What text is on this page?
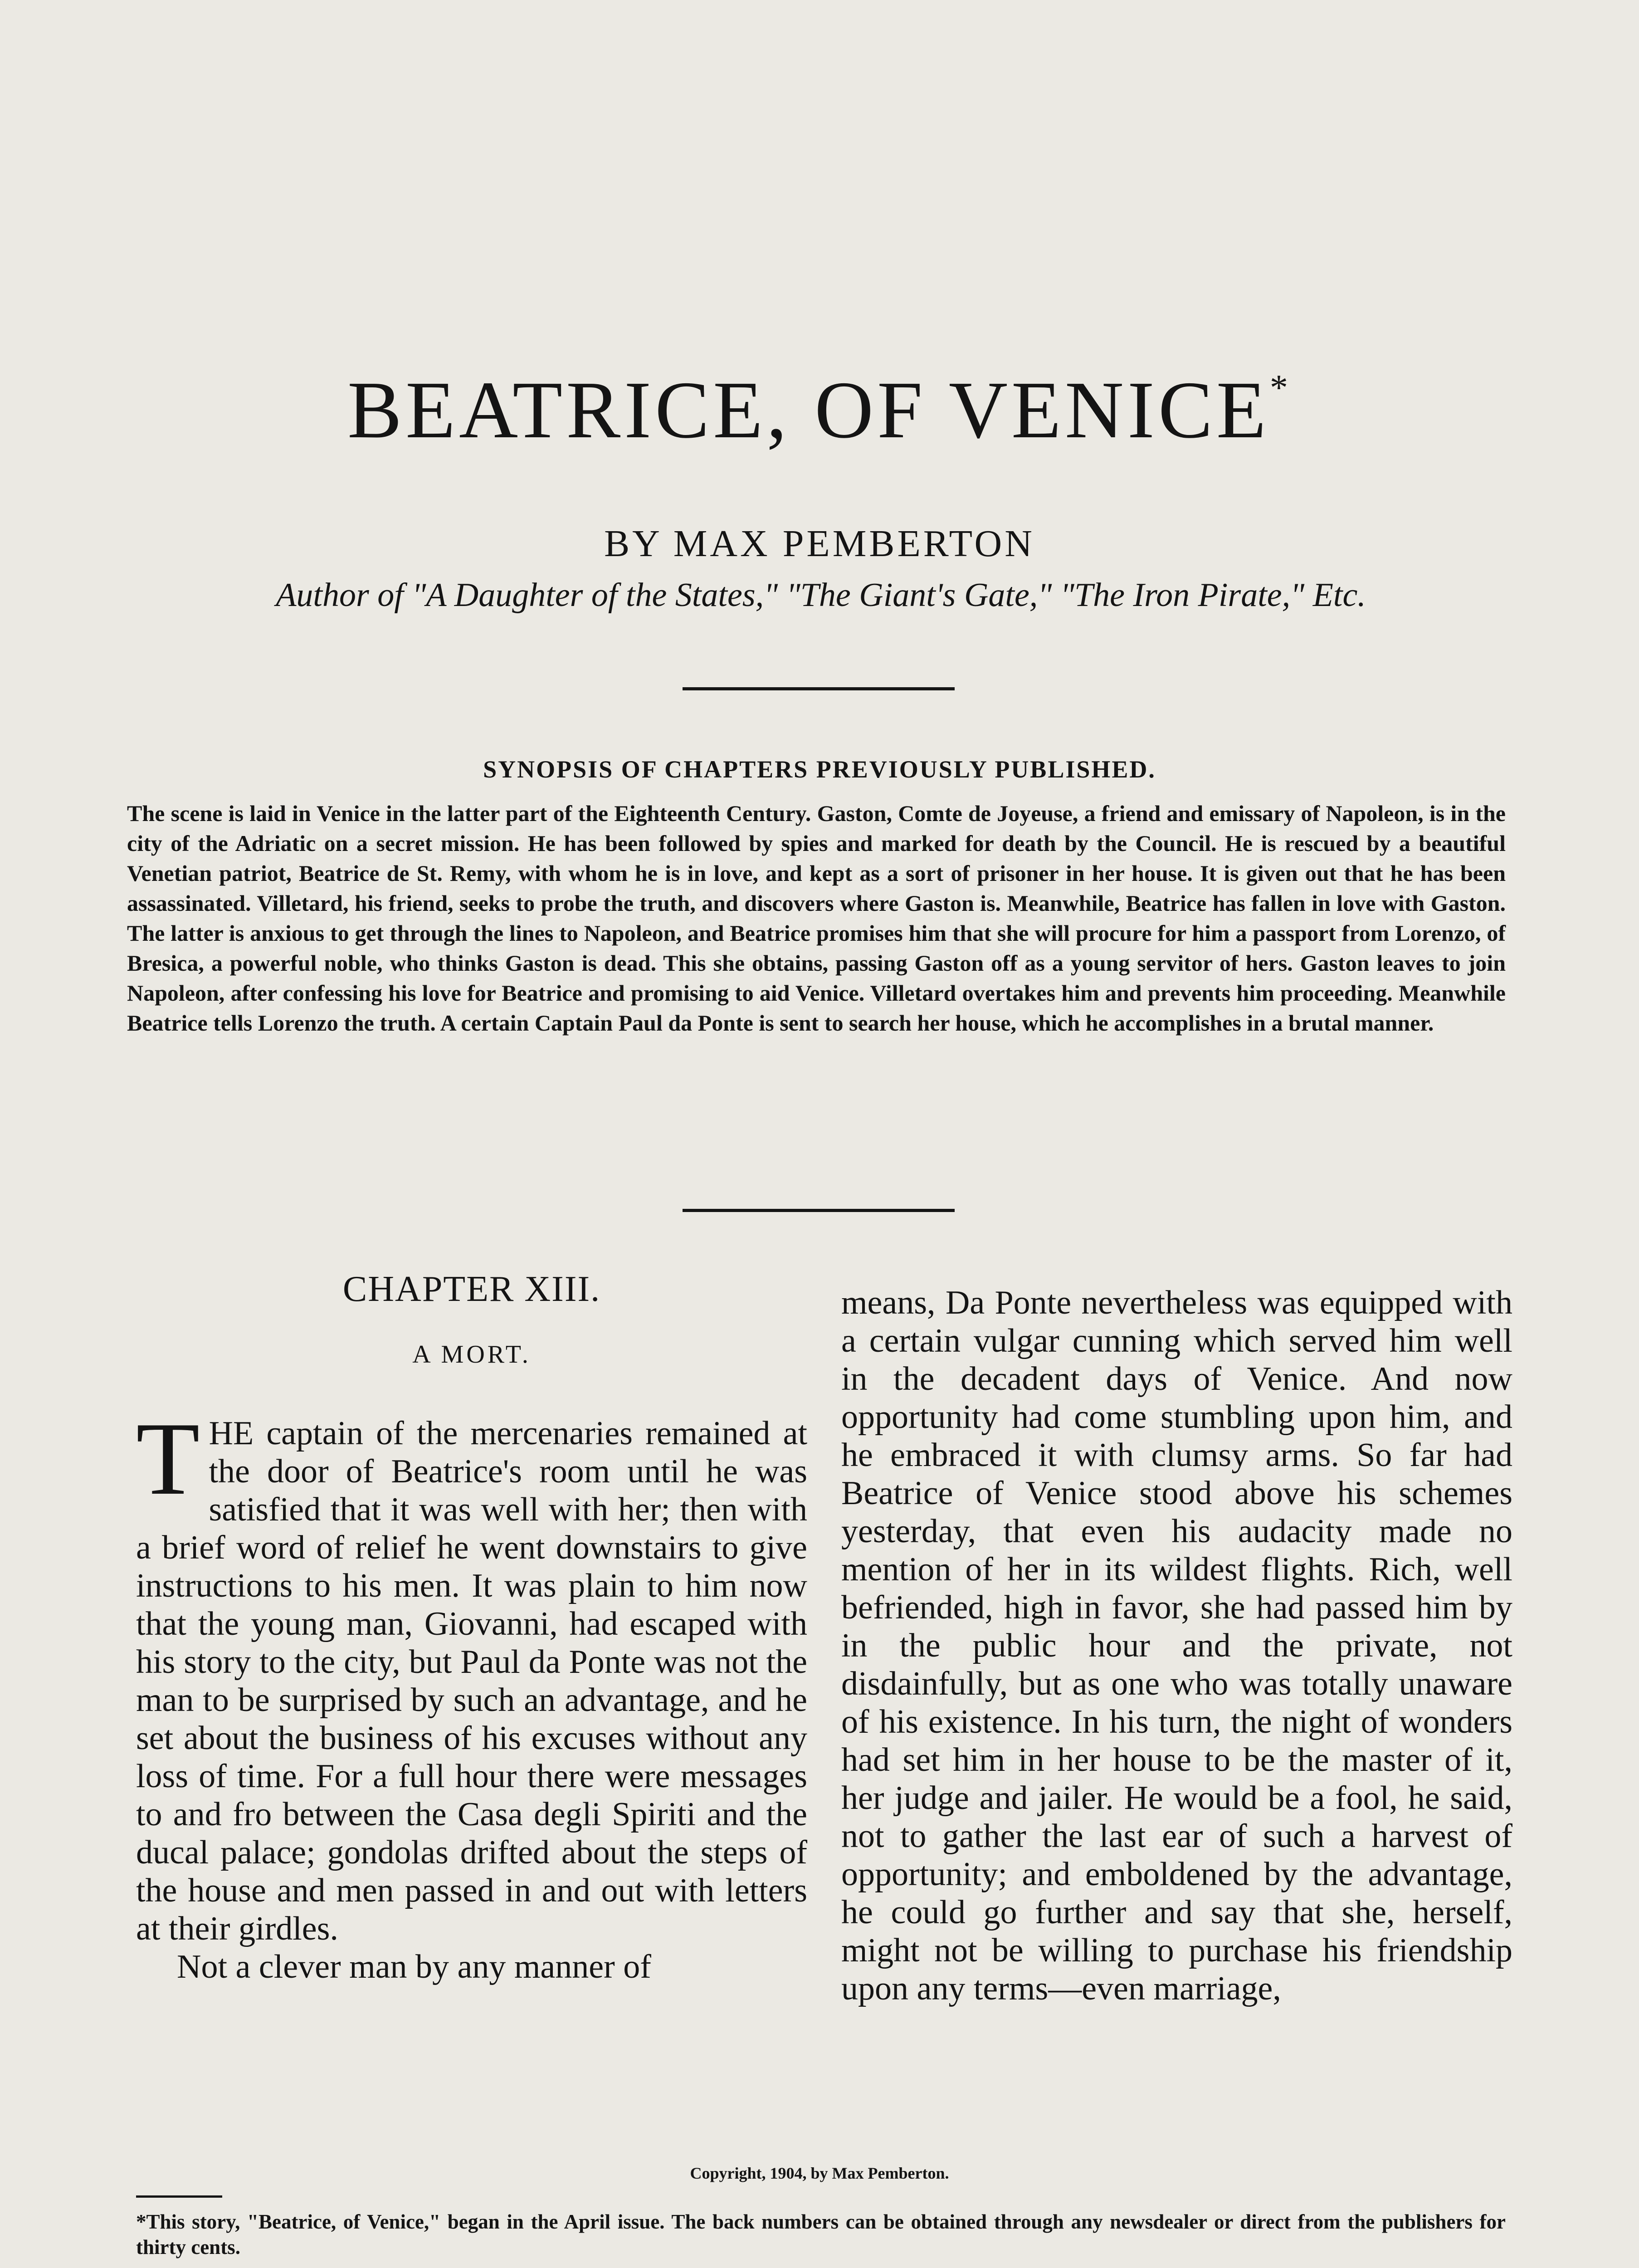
BEATRICE, OF VENICE*
BY MAX PEMBERTON
Author of "A Daughter of the States," "The Giant's Gate," "The Iron Pirate," Etc.
SYNOPSIS OF CHAPTERS PREVIOUSLY PUBLISHED.
The scene is laid in Venice in the latter part of the Eighteenth Century. Gaston, Comte de Joyeuse, a friend and emissary of Napoleon, is in the city of the Adriatic on a secret mission. He has been followed by spies and marked for death by the Council. He is rescued by a beautiful Venetian patriot, Beatrice de St. Remy, with whom he is in love, and kept as a sort of prisoner in her house. It is given out that he has been assassinated. Villetard, his friend, seeks to probe the truth, and discovers where Gaston is. Meanwhile, Beatrice has fallen in love with Gaston. The latter is anxious to get through the lines to Napoleon, and Beatrice promises him that she will procure for him a passport from Lorenzo, of Bresica, a powerful noble, who thinks Gaston is dead. This she obtains, passing Gaston off as a young servitor of hers. Gaston leaves to join Napoleon, after confessing his love for Beatrice and promising to aid Venice. Villetard overtakes him and prevents him proceeding. Meanwhile Beatrice tells Lorenzo the truth. A certain Captain Paul da Ponte is sent to search her house, which he accomplishes in a brutal manner.
CHAPTER XIII.
A MORT.

THE captain of the mercenaries remained at the door of Beatrice's room until he was satisfied that it was well with her; then with a brief word of relief he went downstairs to give instructions to his men. It was plain to him now that the young man, Giovanni, had escaped with his story to the city, but Paul da Ponte was not the man to be surprised by such an advantage, and he set about the business of his excuses without any loss of time. For a full hour there were messages to and fro between the Casa degli Spiriti and the ducal palace; gondolas drifted about the steps of the house and men passed in and out with letters at their girdles.

Not a clever man by any manner of

means, Da Ponte nevertheless was equipped with a certain vulgar cunning which served him well in the decadent days of Venice. And now opportunity had come stumbling upon him, and he embraced it with clumsy arms. So far had Beatrice of Venice stood above his schemes yesterday, that even his audacity made no mention of her in its wildest flights. Rich, well befriended, high in favor, she had passed him by in the public hour and the private, not disdainfully, but as one who was totally unaware of his existence. In his turn, the night of wonders had set him in her house to be the master of it, her judge and jailer. He would be a fool, he said, not to gather the last ear of such a harvest of opportunity; and emboldened by the advantage, he could go further and say that she, herself, might not be willing to purchase his friendship upon any terms—even marriage,

Copyright, 1904, by Max Pemberton.
*This story, "Beatrice, of Venice," began in the April issue. The back numbers can be obtained through any newsdealer or direct from the publishers for thirty cents.
